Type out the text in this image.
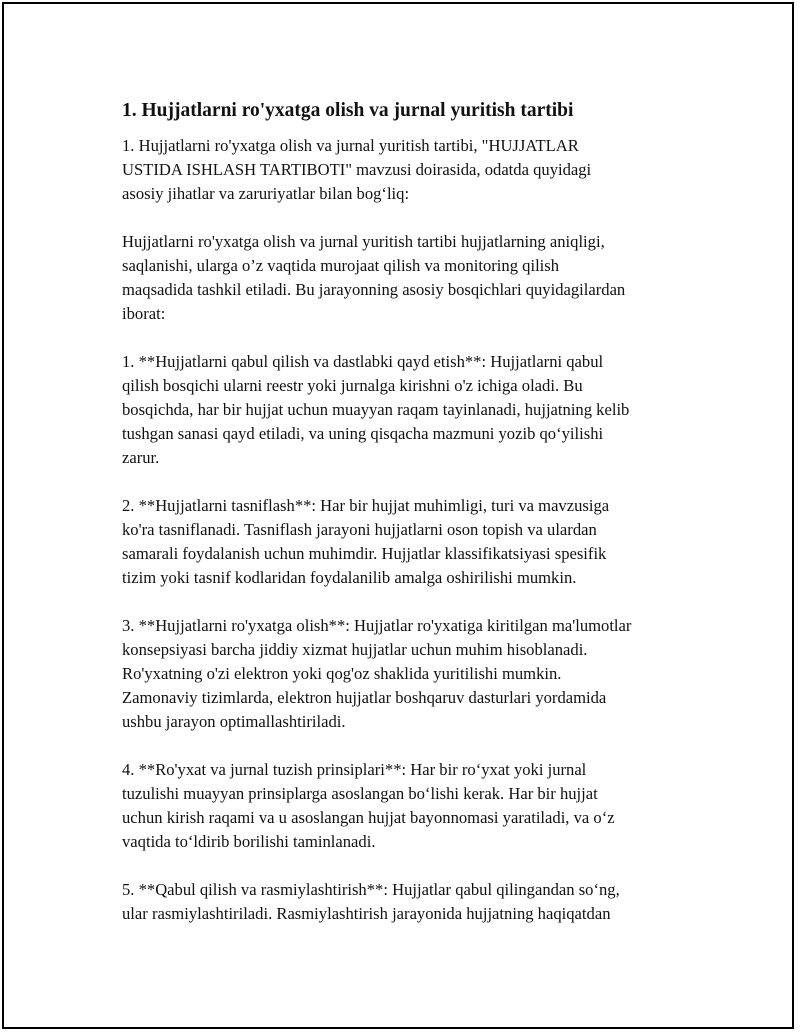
1. Hujjatlarni ro'yxatga olish va jurnal yuritish tartibi

1. Hujjatlarni ro'yxatga olish va jurnal yuritish tartibi, "HUJJATLAR
USTIDA ISHLASH TARTIBOTI" mavzusi doirasida, odatda quyidagi
asosiy jihatlar va zaruriyatlar bilan bog‘liq:

Hujjatlarni ro'yxatga olish va jurnal yuritish tartibi hujjatlarning aniqligi,
saqlanishi, ularga o’z vaqtida murojaat qilish va monitoring qilish
maqsadida tashkil etiladi. Bu jarayonning asosiy bosqichlari quyidagilardan
iborat:

1. **Hujjatlarni qabul qilish va dastlabki qayd etish**: Hujjatlarni qabul
qilish bosqichi ularni reestr yoki jurnalga kirishni o'z ichiga oladi. Bu
bosqichda, har bir hujjat uchun muayyan raqam tayinlanadi, hujjatning kelib
tushgan sanasi qayd etiladi, va uning qisqacha mazmuni yozib qo‘yilishi
zarur.

2. **Hujjatlarni tasniflash**: Har bir hujjat muhimligi, turi va mavzusiga
ko'ra tasniflanadi. Tasniflash jarayoni hujjatlarni oson topish va ulardan
samarali foydalanish uchun muhimdir. Hujjatlar klassifikatsiyasi spesifik
tizim yoki tasnif kodlaridan foydalanilib amalga oshirilishi mumkin.

3. **Hujjatlarni ro'yxatga olish**: Hujjatlar ro'yxatiga kiritilgan ma'lumotlar
konsepsiyasi barcha jiddiy xizmat hujjatlar uchun muhim hisoblanadi.
Ro'yxatning o'zi elektron yoki qog'oz shaklida yuritilishi mumkin.
Zamonaviy tizimlarda, elektron hujjatlar boshqaruv dasturlari yordamida
ushbu jarayon optimallashtiriladi.

4. **Ro'yxat va jurnal tuzish prinsiplari**: Har bir ro‘yxat yoki jurnal
tuzulishi muayyan prinsiplarga asoslangan bo‘lishi kerak. Har bir hujjat
uchun kirish raqami va u asoslangan hujjat bayonnomasi yaratiladi, va o‘z
vaqtida to‘ldirib borilishi taminlanadi.

5. **Qabul qilish va rasmiylashtirish**: Hujjatlar qabul qilingandan so‘ng,
ular rasmiylashtiriladi. Rasmiylashtirish jarayonida hujjatning haqiqatdan
